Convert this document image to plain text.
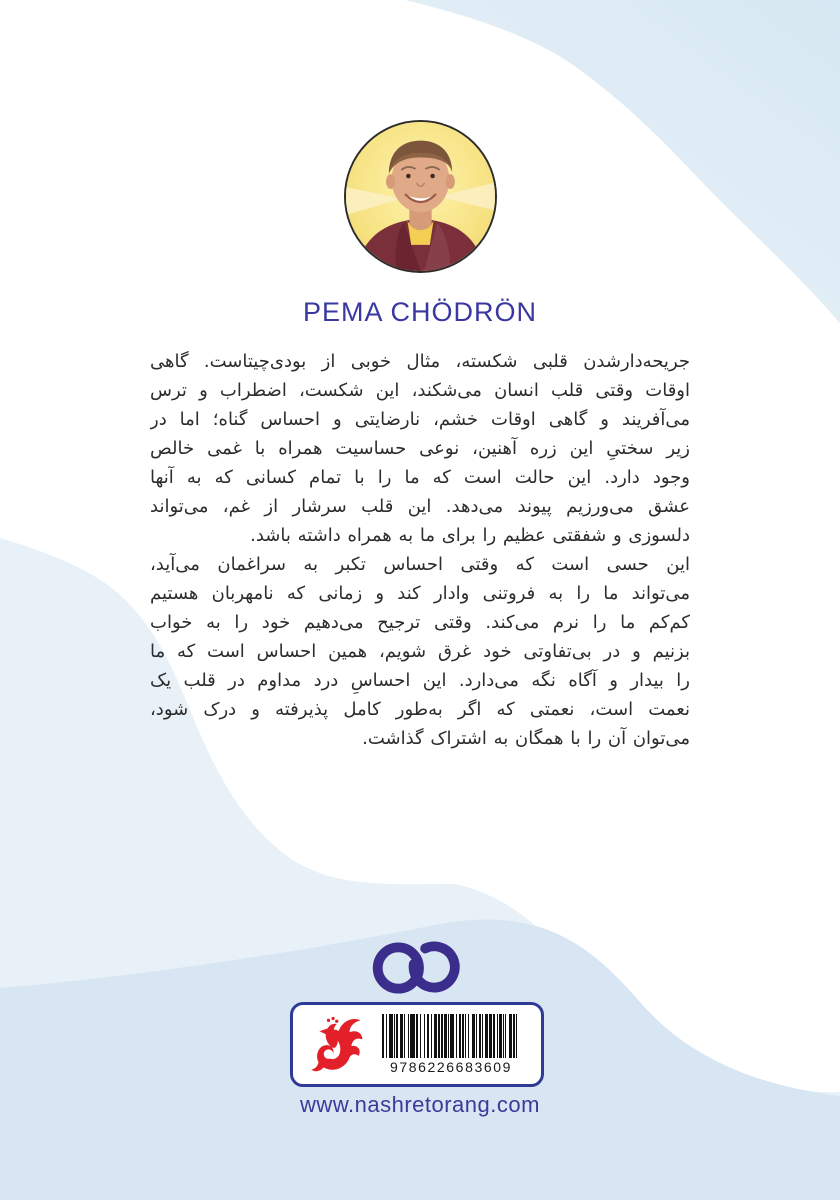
PEMA CHÖDRÖN
جریحه‌دارشدن قلبی شکسته، مثال خوبی از بودی‌چیتاست. گاهی
اوقات وقتی قلب انسان می‌شکند، این شکست، اضطراب و ترس
می‌آفریند و گاهی اوقات خشم، نارضایتی و احساس گناه؛ اما در
زیر سختیِ این زره آهنین، نوعی حساسیت همراه با غمی خالص
وجود دارد. این حالت است که ما را با تمام کسانی که به آنها
عشق می‌ورزیم پیوند می‌دهد. این قلب سرشار از غم، می‌تواند
دلسوزی و شفقتی عظیم را برای ما به همراه داشته باشد.
این حسی است که وقتی احساس تکبر به سراغمان می‌آید،
می‌تواند ما را به فروتنی وادار کند و زمانی که نامهربان هستیم
کم‌کم ما را نرم می‌کند. وقتی ترجیح می‌دهیم خود را به خواب
بزنیم و در بی‌تفاوتی خود غرق شویم، همین احساس است که ما
را بیدار و آگاه نگه می‌دارد. این احساسِ درد مداوم در قلب یک
نعمت است، نعمتی که اگر به‌طور کامل پذیرفته و درک شود،
می‌توان آن را با همگان به اشتراک گذاشت.
9786226683609
www.nashretorang.com
